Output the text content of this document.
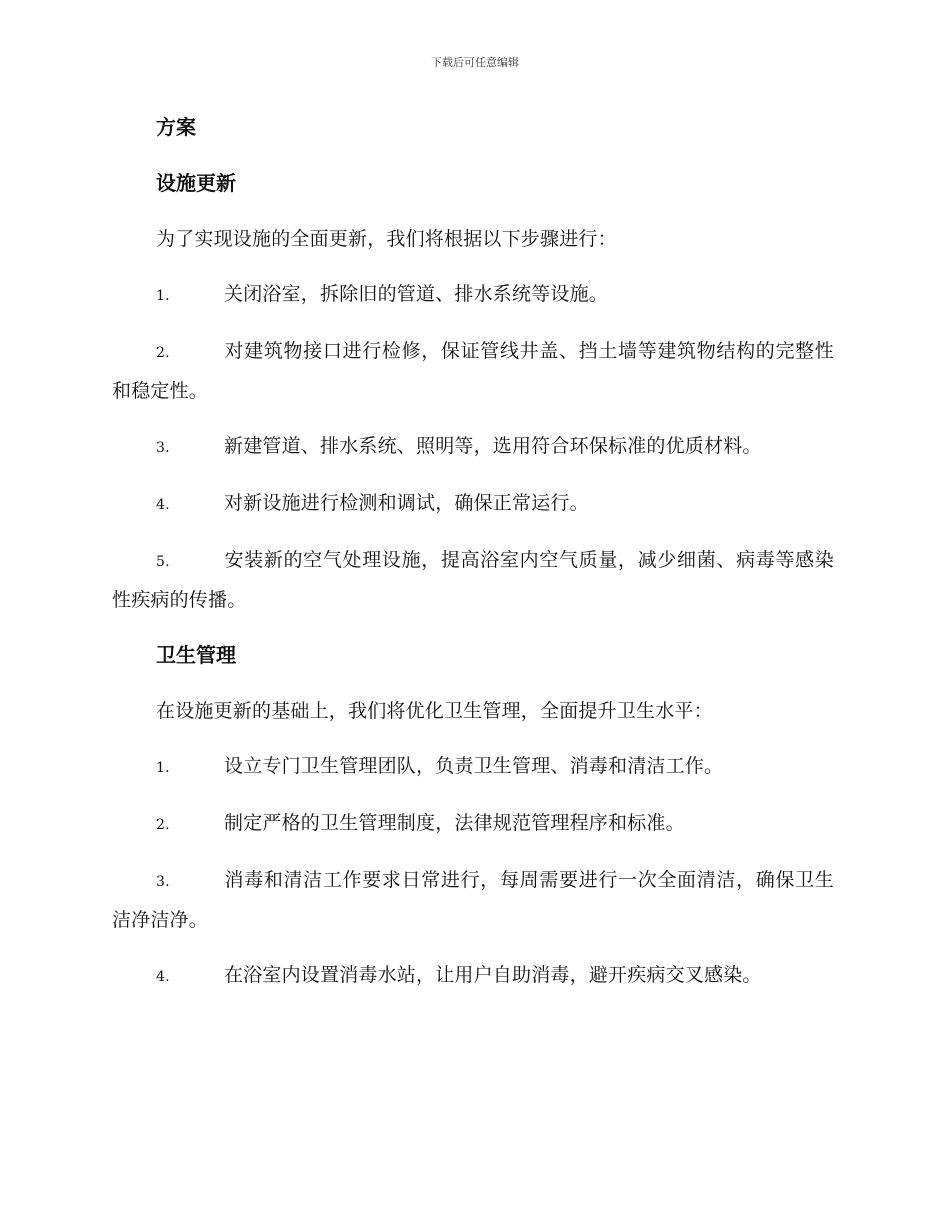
下载后可任意编辑
方案
设施更新

为了实现设施的全面更新，我们将根据以下步骤进行：

1.	关闭浴室，拆除旧的管道、排水系统等设施。
2.	对建筑物接口进行检修，保证管线井盖、挡土墙等建筑物结构的完整性和稳定性。
3.	新建管道、排水系统、照明等，选用符合环保标准的优质材料。
4.	对新设施进行检测和调试，确保正常运行。
5.	安装新的空气处理设施，提高浴室内空气质量，减少细菌、病毒等感染性疾病的传播。
卫生管理

在设施更新的基础上，我们将优化卫生管理，全面提升卫生水平：

1.	设立专门卫生管理团队，负责卫生管理、消毒和清洁工作。
2.	制定严格的卫生管理制度，法律规范管理程序和标准。
3.	消毒和清洁工作要求日常进行，每周需要进行一次全面清洁，确保卫生洁净洁净。
4.	在浴室内设置消毒水站，让用户自助消毒，避开疾病交叉感染。
